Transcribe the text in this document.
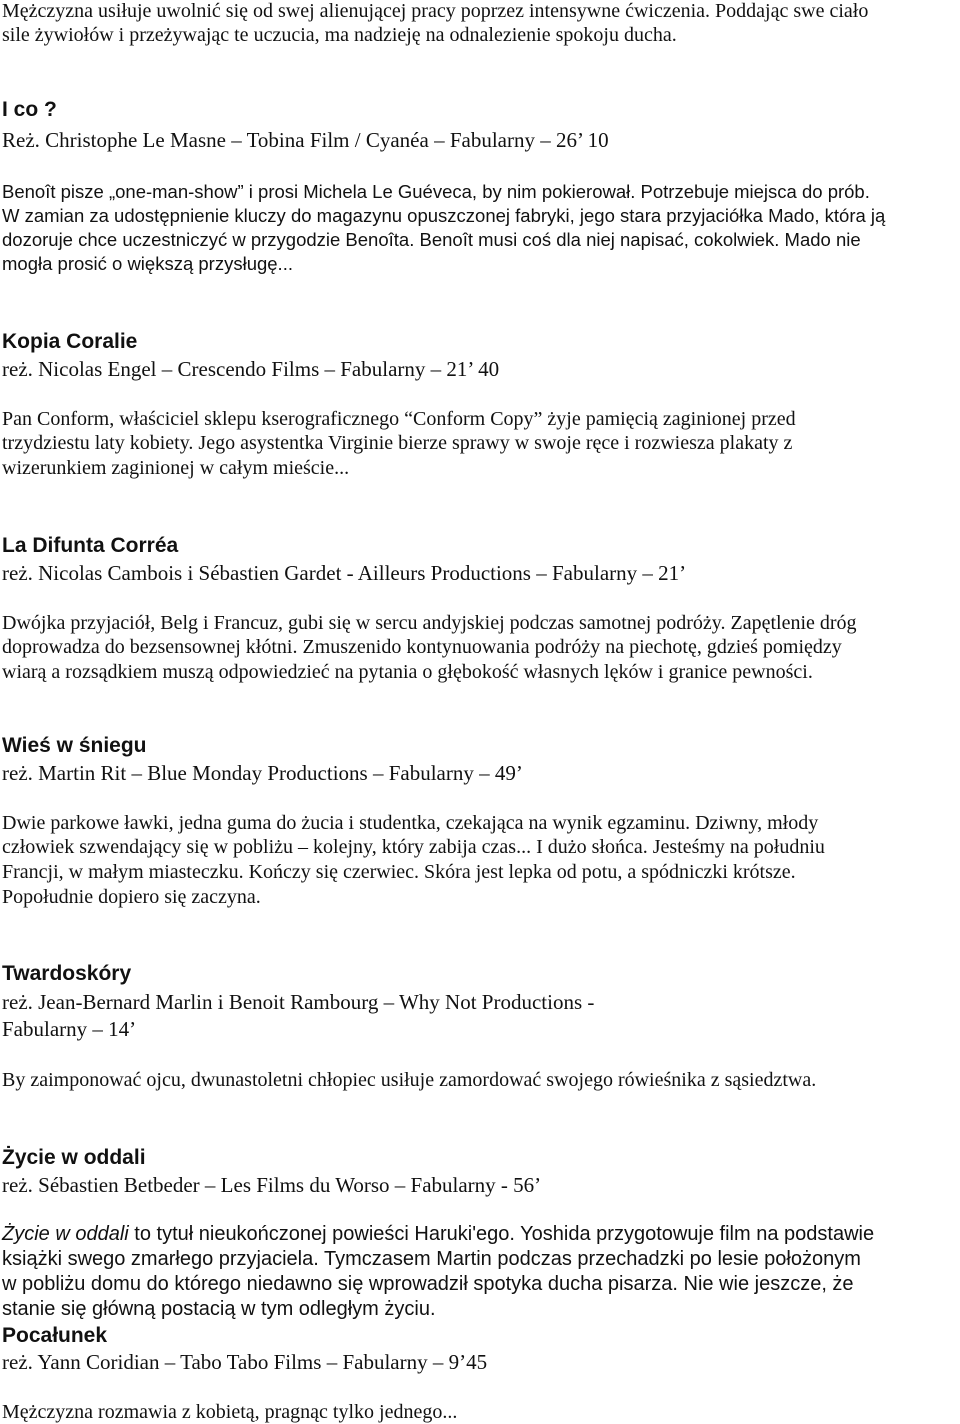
Mężczyzna usiłuje uwolnić się od swej alienującej pracy poprzez intensywne ćwiczenia. Poddając swe ciało
sile żywiołów i przeżywając te uczucia, ma nadzieję na odnalezienie spokoju ducha.
I co ?
Reż. Christophe Le Masne – Tobina Film / Cyanéa – Fabularny – 26’ 10
Benoît pisze „one-man-show” i prosi Michela Le Guéveca, by nim pokierował. Potrzebuje miejsca do prób.
W zamian za udostępnienie kluczy do magazynu opuszczonej fabryki, jego stara przyjaciółka Mado, która ją
dozoruje chce uczestniczyć w przygodzie Benoîta. Benoît musi coś dla niej napisać, cokolwiek. Mado nie
mogła prosić o większą przysługę...
Kopia Coralie
reż. Nicolas Engel – Crescendo Films – Fabularny – 21’ 40
Pan Conform, właściciel sklepu kserograficznego “Conform Copy” żyje pamięcią zaginionej przed
trzydziestu laty kobiety. Jego asystentka Virginie bierze sprawy w swoje ręce i rozwiesza plakaty z
wizerunkiem zaginionej w całym mieście...
La Difunta Corréa
reż. Nicolas Cambois i Sébastien Gardet - Ailleurs Productions – Fabularny – 21’
Dwójka przyjaciół, Belg i Francuz, gubi się w sercu andyjskiej podczas samotnej podróży. Zapętlenie dróg
doprowadza do bezsensownej kłótni. Zmuszenido kontynuowania podróży na piechotę, gdzieś pomiędzy
wiarą a rozsądkiem muszą odpowiedzieć na pytania o głębokość własnych lęków i granice pewności.
Wieś w śniegu
reż. Martin Rit – Blue Monday Productions – Fabularny – 49’
Dwie parkowe ławki, jedna guma do żucia i studentka, czekająca na wynik egzaminu. Dziwny, młody
człowiek szwendający się w pobliżu – kolejny, który zabija czas... I dużo słońca. Jesteśmy na południu
Francji, w małym miasteczku. Kończy się czerwiec. Skóra jest lepka od potu, a spódniczki krótsze.
Popołudnie dopiero się zaczyna.
Twardoskóry
reż. Jean-Bernard Marlin i Benoit Rambourg – Why Not Productions -
Fabularny – 14’
By zaimponować ojcu, dwunastoletni chłopiec usiłuje zamordować swojego rówieśnika z sąsiedztwa.
Życie w oddali
reż. Sébastien Betbeder – Les Films du Worso – Fabularny - 56’
Życie w oddali to tytuł nieukończonej powieści Haruki'ego. Yoshida przygotowuje film na podstawie
książki swego zmarłego przyjaciela. Tymczasem Martin podczas przechadzki po lesie położonym
w pobliżu domu do którego niedawno się wprowadził spotyka ducha pisarza. Nie wie jeszcze, że
stanie się główną postacią w tym odległym życiu.
Pocałunek
reż. Yann Coridian – Tabo Tabo Films – Fabularny – 9’45
Mężczyzna rozmawia z kobietą, pragnąc tylko jednego...
